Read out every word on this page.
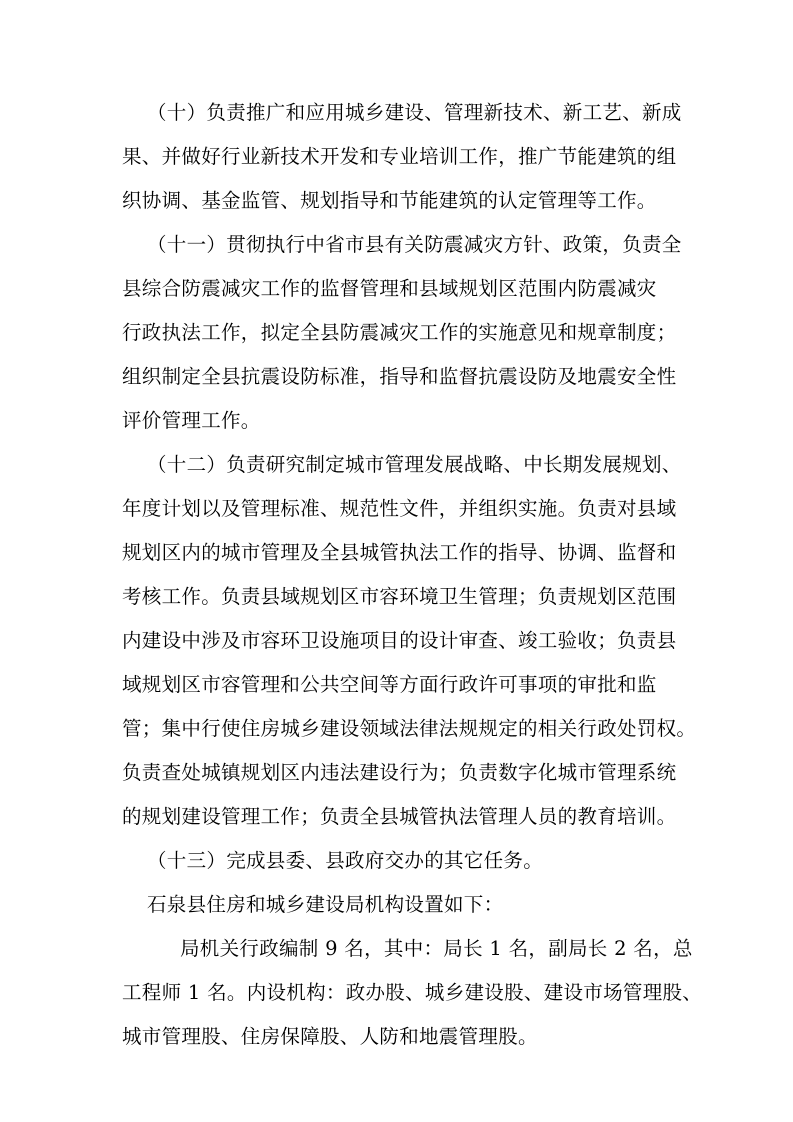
（十）负责推广和应用城乡建设、管理新技术、新工艺、新成

果、并做好行业新技术开发和专业培训工作，推广节能建筑的组

织协调、基金监管、规划指导和节能建筑的认定管理等工作。

（十一）贯彻执行中省市县有关防震减灾方针、政策，负责全

县综合防震减灾工作的监督管理和县域规划区范围内防震减灾

行政执法工作，拟定全县防震减灾工作的实施意见和规章制度；

组织制定全县抗震设防标准，指导和监督抗震设防及地震安全性

评价管理工作。

（十二）负责研究制定城市管理发展战略、中长期发展规划、

年度计划以及管理标准、规范性文件，并组织实施。负责对县域

规划区内的城市管理及全县城管执法工作的指导、协调、监督和

考核工作。负责县域规划区市容环境卫生管理；负责规划区范围

内建设中涉及市容环卫设施项目的设计审查、竣工验收；负责县

域规划区市容管理和公共空间等方面行政许可事项的审批和监

管；集中行使住房城乡建设领域法律法规规定的相关行政处罚权。

负责查处城镇规划区内违法建设行为；负责数字化城市管理系统

的规划建设管理工作；负责全县城管执法管理人员的教育培训。

（十三）完成县委、县政府交办的其它任务。

石泉县住房和城乡建设局机构设置如下：

局机关行政编制 9 名，其中：局长 1 名，副局长 2 名，总

工程师 1 名。内设机构：政办股、城乡建设股、建设市场管理股、

城市管理股、住房保障股、人防和地震管理股。
